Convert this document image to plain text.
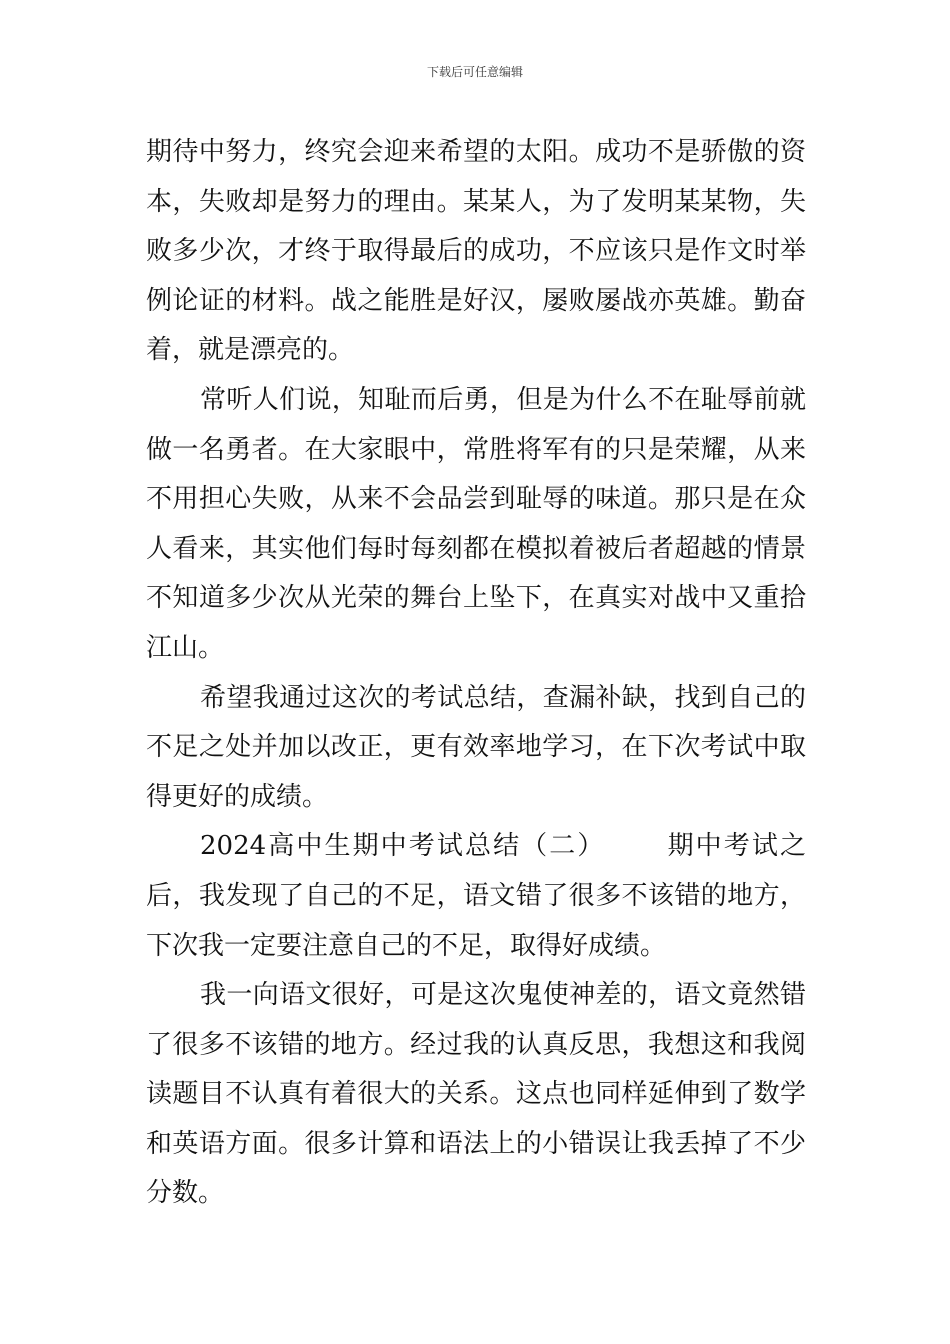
下载后可任意编辑

期待中努力，终究会迎来希望的太阳。成功不是骄傲的资本，失败却是努力的理由。某某人，为了发明某某物，失败多少次，才终于取得最后的成功，不应该只是作文时举例论证的材料。战之能胜是好汉，屡败屡战亦英雄。勤奋着，就是漂亮的。

常听人们说，知耻而后勇，但是为什么不在耻辱前就做一名勇者。在大家眼中，常胜将军有的只是荣耀，从来不用担心失败，从来不会品尝到耻辱的味道。那只是在众人看来，其实他们每时每刻都在模拟着被后者超越的情景不知道多少次从光荣的舞台上坠下，在真实对战中又重拾江山。

希望我通过这次的考试总结，查漏补缺，找到自己的不足之处并加以改正，更有效率地学习，在下次考试中取得更好的成绩。

2024高中生期中考试总结（二） 期中考试之后，我发现了自己的不足，语文错了很多不该错的地方，下次我一定要注意自己的不足，取得好成绩。

我一向语文很好，可是这次鬼使神差的，语文竟然错了很多不该错的地方。经过我的认真反思，我想这和我阅读题目不认真有着很大的关系。这点也同样延伸到了数学和英语方面。很多计算和语法上的小错误让我丢掉了不少分数。
